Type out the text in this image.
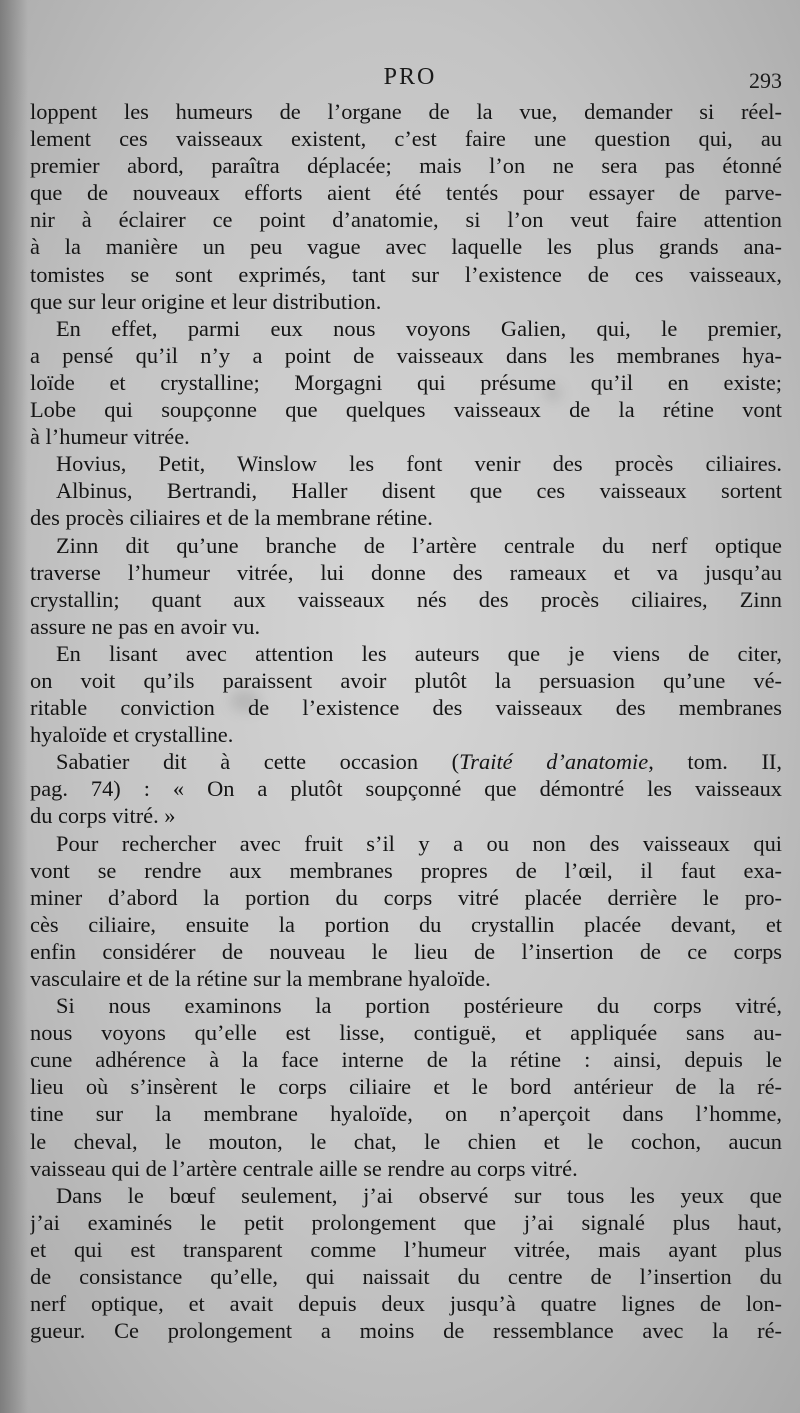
PRO	293
loppent les humeurs de l’organe de la vue, demander si réel-
lement ces vaisseaux existent, c’est faire une question qui, au
premier abord, paraîtra déplacée; mais l’on ne sera pas étonné
que de nouveaux efforts aient été tentés pour essayer de parve-
nir à éclairer ce point d’anatomie, si l’on veut faire attention
à la manière un peu vague avec laquelle les plus grands ana-
tomistes se sont exprimés, tant sur l’existence de ces vaisseaux,
que sur leur origine et leur distribution.
En effet, parmi eux nous voyons Galien, qui, le premier,
a pensé qu’il n’y a point de vaisseaux dans les membranes hya-
loïde et crystalline; Morgagni qui présume qu’il en existe;
Lobe qui soupçonne que quelques vaisseaux de la rétine vont
à l’humeur vitrée.
Hovius, Petit, Winslow les font venir des procès ciliaires.
Albinus, Bertrandi, Haller disent que ces vaisseaux sortent
des procès ciliaires et de la membrane rétine.
Zinn dit qu’une branche de l’artère centrale du nerf optique
traverse l’humeur vitrée, lui donne des rameaux et va jusqu’au
crystallin; quant aux vaisseaux nés des procès ciliaires, Zinn
assure ne pas en avoir vu.
En lisant avec attention les auteurs que je viens de citer,
on voit qu’ils paraissent avoir plutôt la persuasion qu’une vé-
ritable conviction de l’existence des vaisseaux des membranes
hyaloïde et crystalline.
Sabatier dit à cette occasion (Traité d’anatomie, tom. II,
pag. 74) : « On a plutôt soupçonné que démontré les vaisseaux
du corps vitré. »
Pour rechercher avec fruit s’il y a ou non des vaisseaux qui
vont se rendre aux membranes propres de l’œil, il faut exa-
miner d’abord la portion du corps vitré placée derrière le pro-
cès ciliaire, ensuite la portion du crystallin placée devant, et
enfin considérer de nouveau le lieu de l’insertion de ce corps
vasculaire et de la rétine sur la membrane hyaloïde.
Si nous examinons la portion postérieure du corps vitré,
nous voyons qu’elle est lisse, contiguë, et appliquée sans au-
cune adhérence à la face interne de la rétine : ainsi, depuis le
lieu où s’insèrent le corps ciliaire et le bord antérieur de la ré-
tine sur la membrane hyaloïde, on n’aperçoit dans l’homme,
le cheval, le mouton, le chat, le chien et le cochon, aucun
vaisseau qui de l’artère centrale aille se rendre au corps vitré.
Dans le bœuf seulement, j’ai observé sur tous les yeux que
j’ai examinés le petit prolongement que j’ai signalé plus haut,
et qui est transparent comme l’humeur vitrée, mais ayant plus
de consistance qu’elle, qui naissait du centre de l’insertion du
nerf optique, et avait depuis deux jusqu’à quatre lignes de lon-
gueur. Ce prolongement a moins de ressemblance avec la ré-
